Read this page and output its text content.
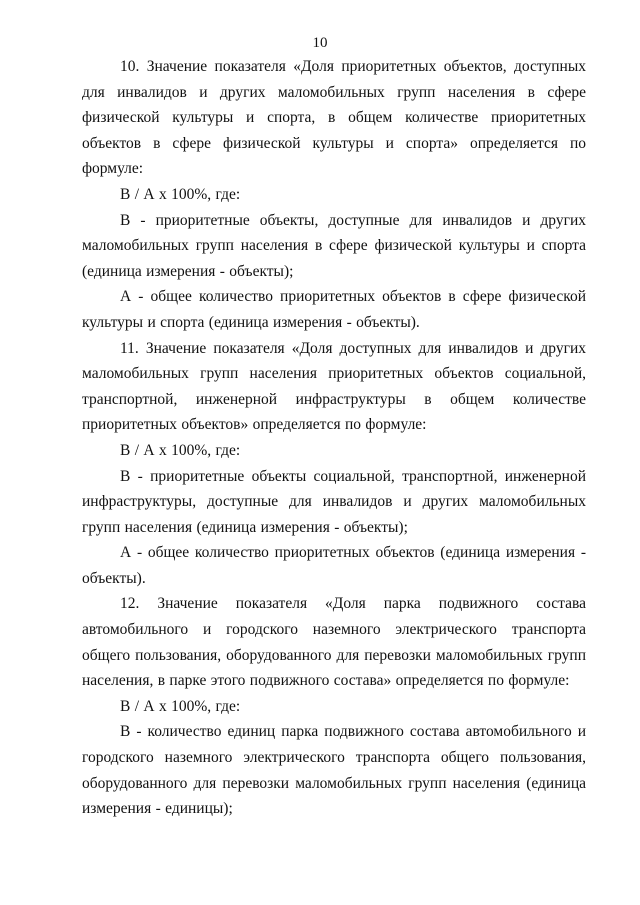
10

10. Значение показателя «Доля приоритетных объектов, доступных для инвалидов и других маломобильных групп населения в сфере физической культуры и спорта, в общем количестве приоритетных объектов в сфере физической культуры и спорта» определяется по формуле:

В / А х 100%, где:

В - приоритетные объекты, доступные для инвалидов и других маломобильных групп населения в сфере физической культуры и спорта (единица измерения - объекты);

А - общее количество приоритетных объектов в сфере физической культуры и спорта (единица измерения - объекты).

11. Значение показателя «Доля доступных для инвалидов и других маломобильных групп населения приоритетных объектов социальной, транспортной, инженерной инфраструктуры в общем количестве приоритетных объектов» определяется по формуле:

В / А х 100%, где:

В - приоритетные объекты социальной, транспортной, инженерной инфраструктуры, доступные для инвалидов и других маломобильных групп населения (единица измерения - объекты);

А - общее количество приоритетных объектов (единица измерения - объекты).

12. Значение показателя «Доля парка подвижного состава автомобильного и городского наземного электрического транспорта общего пользования, оборудованного для перевозки маломобильных групп населения, в парке этого подвижного состава» определяется по формуле:

В / А х 100%, где:

В - количество единиц парка подвижного состава автомобильного и городского наземного электрического транспорта общего пользования, оборудованного для перевозки маломобильных групп населения (единица измерения - единицы);
